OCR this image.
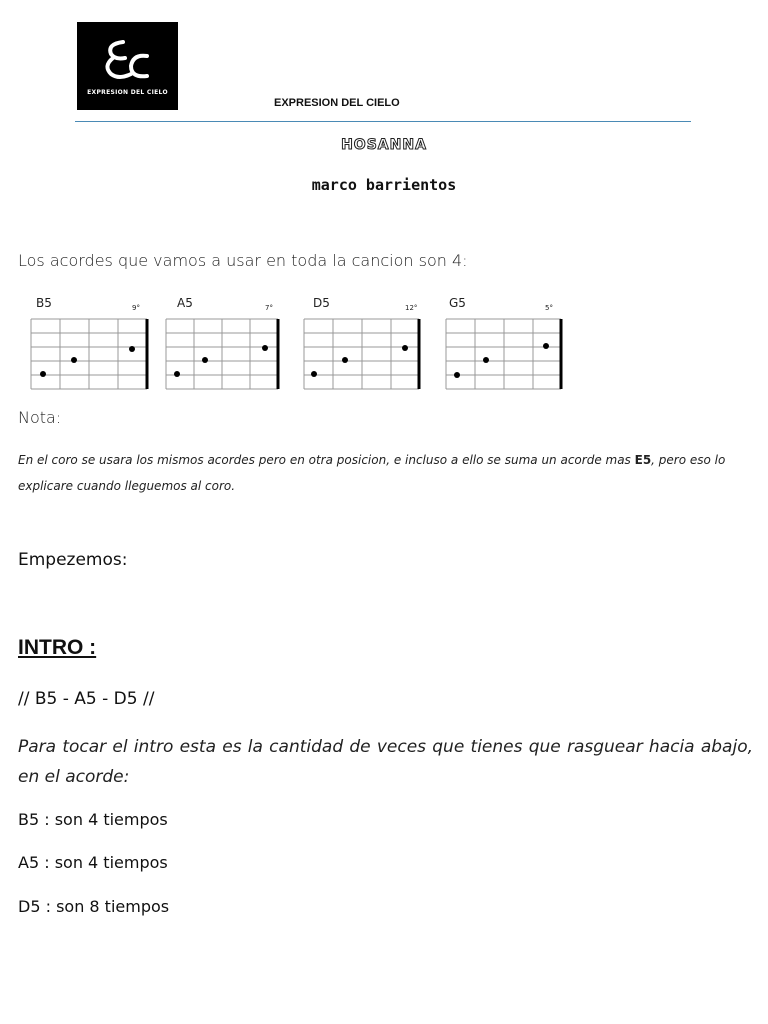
EXPRESION DEL CIELO
EXPRESION DEL CIELO
HOSANNA
marco barrientos
Los acordes que vamos a usar en toda la cancion son 4:
B5	9°	A5	7°	D5	12°	G5	5°
Nota:
En el coro se usara los mismos acordes pero en otra posicion, e incluso a ello se suma un acorde mas E5, pero eso lo explicare cuando lleguemos al coro.
Empezemos:
INTRO :
// B5 - A5 - D5 //
Para tocar el intro esta es la cantidad de veces que tienes que rasguear hacia abajo, en el acorde:
B5 : son 4 tiempos
A5 : son 4 tiempos
D5 : son 8 tiempos
